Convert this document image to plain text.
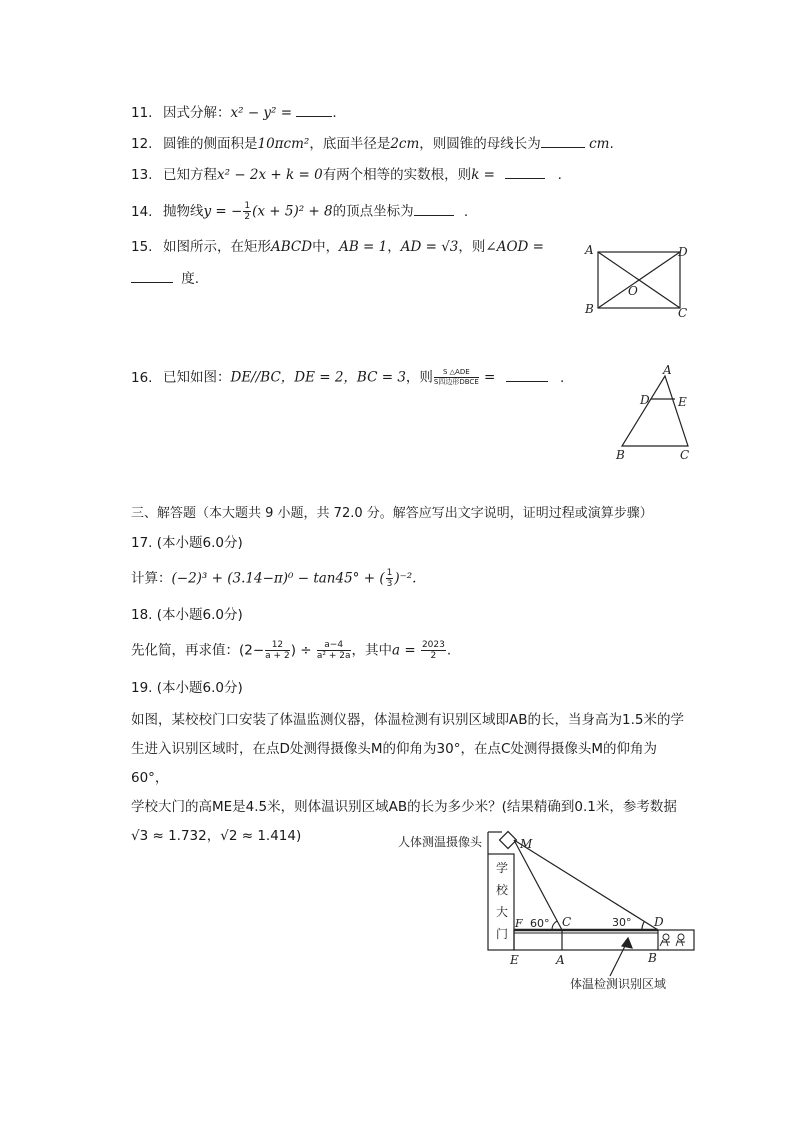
11. 因式分解：x² − y² =	.
12. 圆锥的侧面积是10πcm²，底面半径是2cm，则圆锥的母线长为	cm.
13. 已知方程x² − 2x + k = 0有两个相等的实数根，则k =	.
14. 抛物线y = − $\frac{1}{2} (x + 5)^2 + 8$的顶点坐标为	.
15. 如图所示，在矩形ABCD中，AB = 1，AD = √3，则∠AOD =
度.
A	D
B	C
O
16. 已知如图：DE//BC，DE = 2，BC = 3，则 $\frac{\text{S △ADE}}{\text{S四边形DBCE}}$ =	.	A
D E
B	C
三、解答题（本大题共 9 小题，共 72.0 分。解答应写出文字说明，证明过程或演算步骤）
17. (本小题6.0分)
计算：(−2)³ + (3.14−π)⁰ − tan45° + ( $\frac{1}{3} )^{-2}$.
18. (本小题6.0分)
先化简，再求值：($2- \frac{12}{a + 2}$ ) ÷ $\frac{a-4}{\text{a² + 2a}}$ ，其中$a = \frac{2023}{2}$ .
19. (本小题6.0分)
如图，某校校门口安装了体温监测仪器，体温检测有识别区域即AB的长，当身高为1.5米的学
生进入识别区域时，在点D处测得摄像头M的仰角为30°，在点C处测得摄像头M的仰角为60°，
学校大门的高ME是4.5米，则体温识别区域AB的长为多少米？(结果精确到0.1米，参考数据
√3 ≈ 1.732，√2 ≈ 1.414)	人体测温摄像头
学
校
大
门
体温检测识别区域
M
F	C	D
E	A	B
60°	30°
